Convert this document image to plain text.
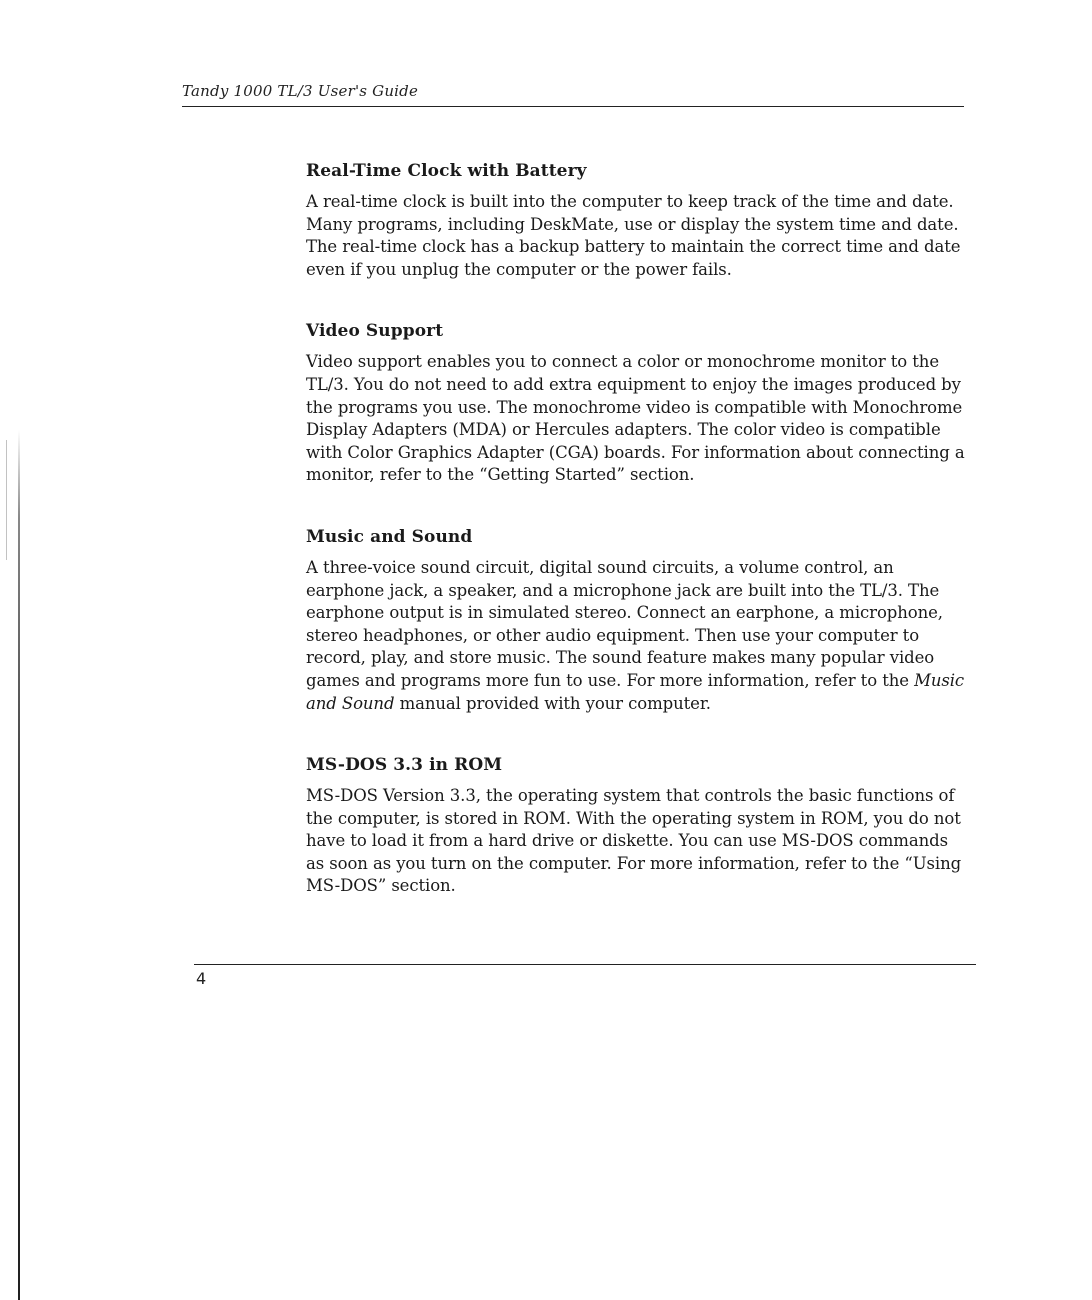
Tandy 1000 TL/3 User's Guide
Real-Time Clock with Battery

A real-time clock is built into the computer to keep track of the time and date. Many programs, including DeskMate, use or display the system time and date. The real-time clock has a backup battery to maintain the correct time and date even if you unplug the computer or the power fails.

Video Support

Video support enables you to connect a color or monochrome monitor to the TL/3. You do not need to add extra equipment to enjoy the images produced by the programs you use. The monochrome video is compatible with Monochrome Display Adapters (MDA) or Hercules adapters. The color video is compatible with Color Graphics Adapter (CGA) boards. For information about connecting a monitor, refer to the “Getting Started” section.

Music and Sound

A three-voice sound circuit, digital sound circuits, a volume control, an earphone jack, a speaker, and a microphone jack are built into the TL/3. The earphone output is in simulated stereo. Connect an earphone, a microphone, stereo headphones, or other audio equipment. Then use your computer to record, play, and store music. The sound feature makes many popular video games and programs more fun to use. For more information, refer to the Music and Sound manual provided with your computer.

MS-DOS 3.3 in ROM

MS-DOS Version 3.3, the operating system that controls the basic functions of the computer, is stored in ROM. With the operating system in ROM, you do not have to load it from a hard drive or diskette. You can use MS-DOS commands as soon as you turn on the computer. For more information, refer to the “Using MS-DOS” section.

4
